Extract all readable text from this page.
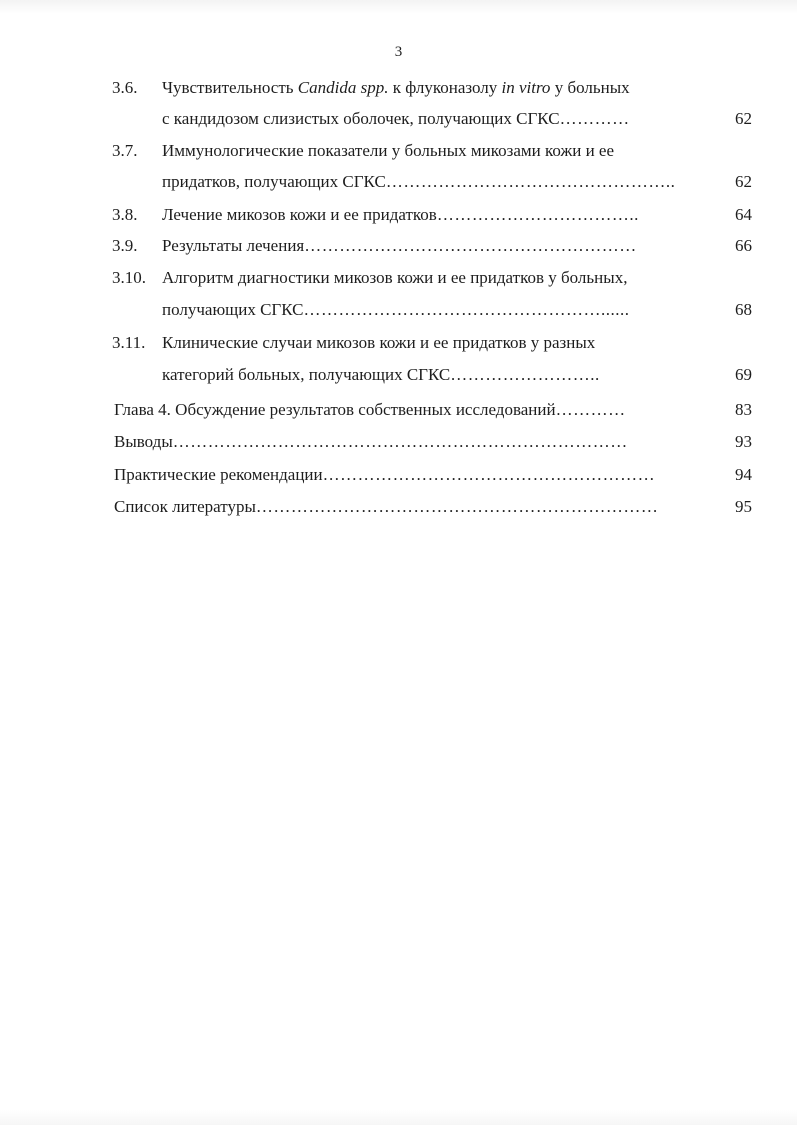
3
3.6. Чувствительность Candida spp. к флуконазолу in vitro у больных
с кандидозом слизистых оболочек, получающих СГКС…………	62
3.7. Иммунологические показатели у больных микозами кожи и ее
придатков, получающих СГКС…………………………………………..	62
3.8. Лечение микозов кожи и ее придатков……………………………..	64
3.9. Результаты лечения…………………………………………………	66
3.10. Алгоритм диагностики микозов кожи и ее придатков у больных,
получающих СГКС……………………………………………......	68
3.11. Клинические случаи микозов кожи и ее придатков у разных
категорий больных, получающих СГКС……………………..	69
Глава 4. Обсуждение результатов собственных исследований…………	83
Выводы……………………………………………………………………	93
Практические рекомендации…………………………………………………	94
Список литературы……………………………………………………………	95
